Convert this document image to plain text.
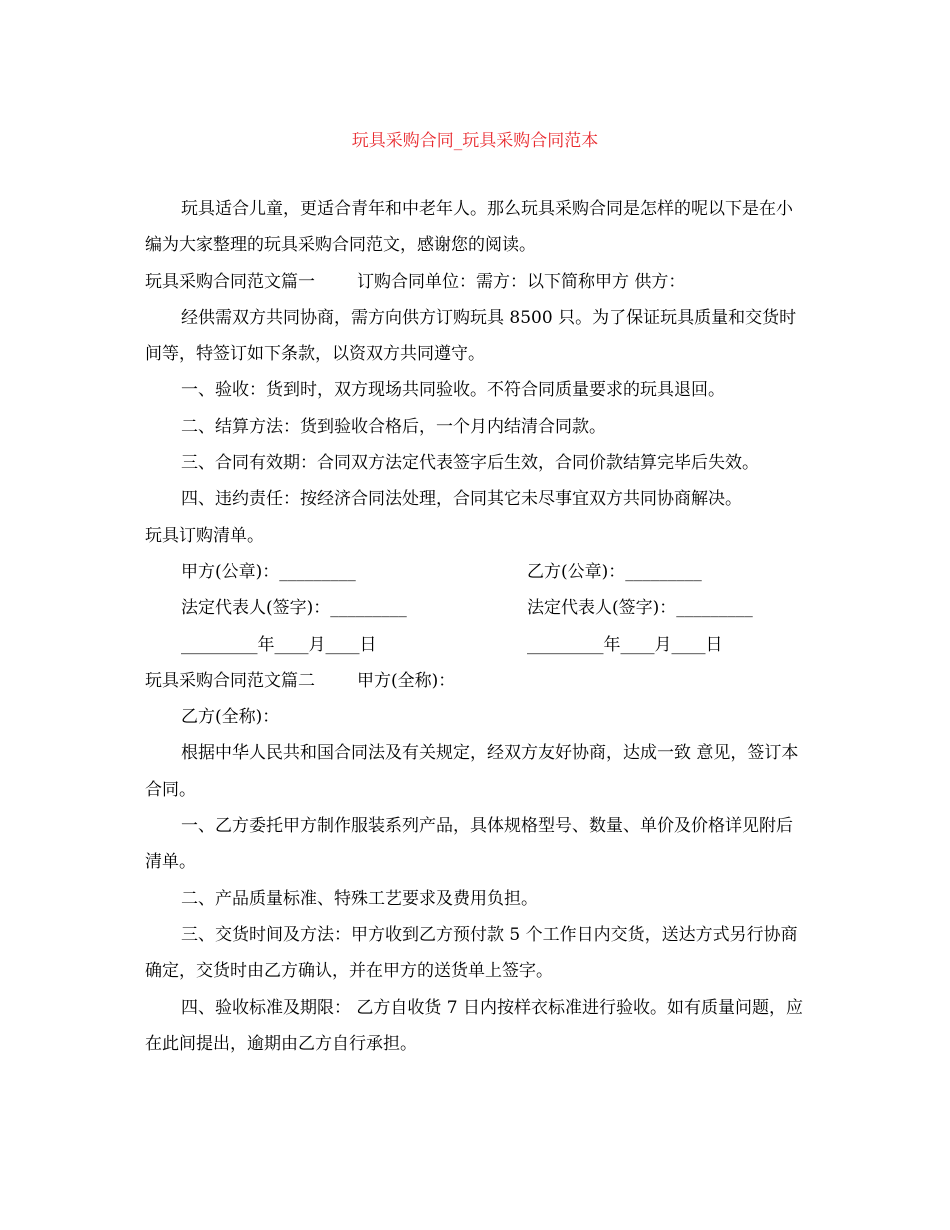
玩具采购合同_玩具采购合同范本

玩具适合儿童，更适合青年和中老年人。那么玩具采购合同是怎样的呢以下是在小编为大家整理的玩具采购合同范文，感谢您的阅读。

玩具采购合同范文篇一 订购合同单位：需方：以下简称甲方 供方：

经供需双方共同协商，需方向供方订购玩具 8500 只。为了保证玩具质量和交货时间等，特签订如下条款，以资双方共同遵守。

一、验收：货到时，双方现场共同验收。不符合同质量要求的玩具退回。

二、结算方法：货到验收合格后，一个月内结清合同款。

三、合同有效期：合同双方法定代表签字后生效，合同价款结算完毕后失效。

四、违约责任：按经济合同法处理，合同其它未尽事宜双方共同协商解决。

玩具订购清单。

甲方(公章)：_________	乙方(公章)：_________
法定代表人(签字)：_________	法定代表人(签字)：_________
_________年____月____日	_________年____月____日

玩具采购合同范文篇二 甲方(全称)：

乙方(全称)：

根据中华人民共和国合同法及有关规定，经双方友好协商，达成一致 意见，签订本合同。

一、乙方委托甲方制作服装系列产品，具体规格型号、数量、单价及价格详见附后清单。

二、产品质量标准、特殊工艺要求及费用负担。

三、交货时间及方法：甲方收到乙方预付款 5 个工作日内交货，送达方式另行协商确定，交货时由乙方确认，并在甲方的送货单上签字。

四、验收标准及期限： 乙方自收货 7 日内按样衣标准进行验收。如有质量问题，应在此间提出，逾期由乙方自行承担。
